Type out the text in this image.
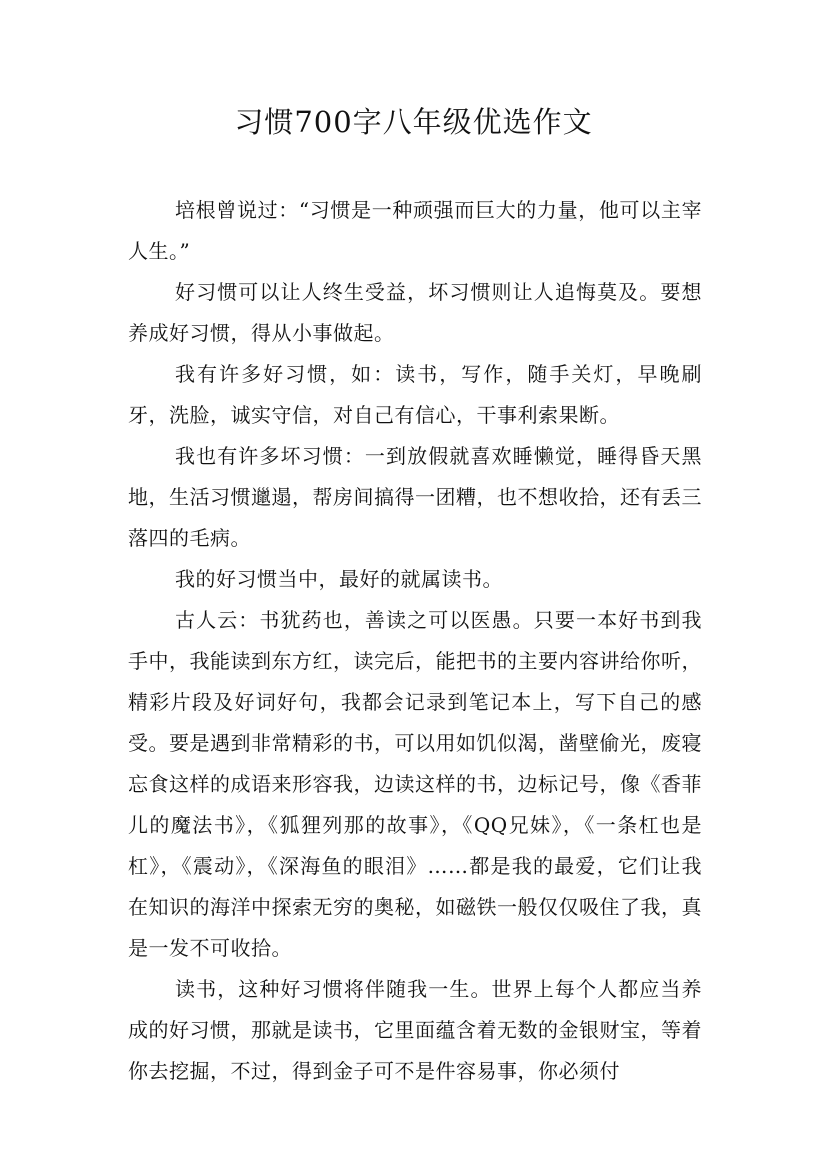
习惯700字八年级优选作文

培根曾说过：“习惯是一种顽强而巨大的力量，他可以主宰人生。”

好习惯可以让人终生受益，坏习惯则让人追悔莫及。要想养成好习惯，得从小事做起。

我有许多好习惯，如：读书，写作，随手关灯，早晚刷牙，洗脸，诚实守信，对自己有信心，干事利索果断。

我也有许多坏习惯：一到放假就喜欢睡懒觉，睡得昏天黑地，生活习惯邋遢，帮房间搞得一团糟，也不想收拾，还有丢三落四的毛病。

我的好习惯当中，最好的就属读书。

古人云：书犹药也，善读之可以医愚。只要一本好书到我手中，我能读到东方红，读完后，能把书的主要内容讲给你听，精彩片段及好词好句，我都会记录到笔记本上，写下自己的感受。要是遇到非常精彩的书，可以用如饥似渴，凿壁偷光，废寝忘食这样的成语来形容我，边读这样的书，边标记号，像《香菲儿的魔法书》，《狐狸列那的故事》，《QQ兄妹》，《一条杠也是杠》，《震动》，《深海鱼的眼泪》……都是我的最爱，它们让我在知识的海洋中探索无穷的奥秘，如磁铁一般仅仅吸住了我，真是一发不可收拾。

读书，这种好习惯将伴随我一生。世界上每个人都应当养成的好习惯，那就是读书，它里面蕴含着无数的金银财宝，等着你去挖掘，不过，得到金子可不是件容易事，你必须付
